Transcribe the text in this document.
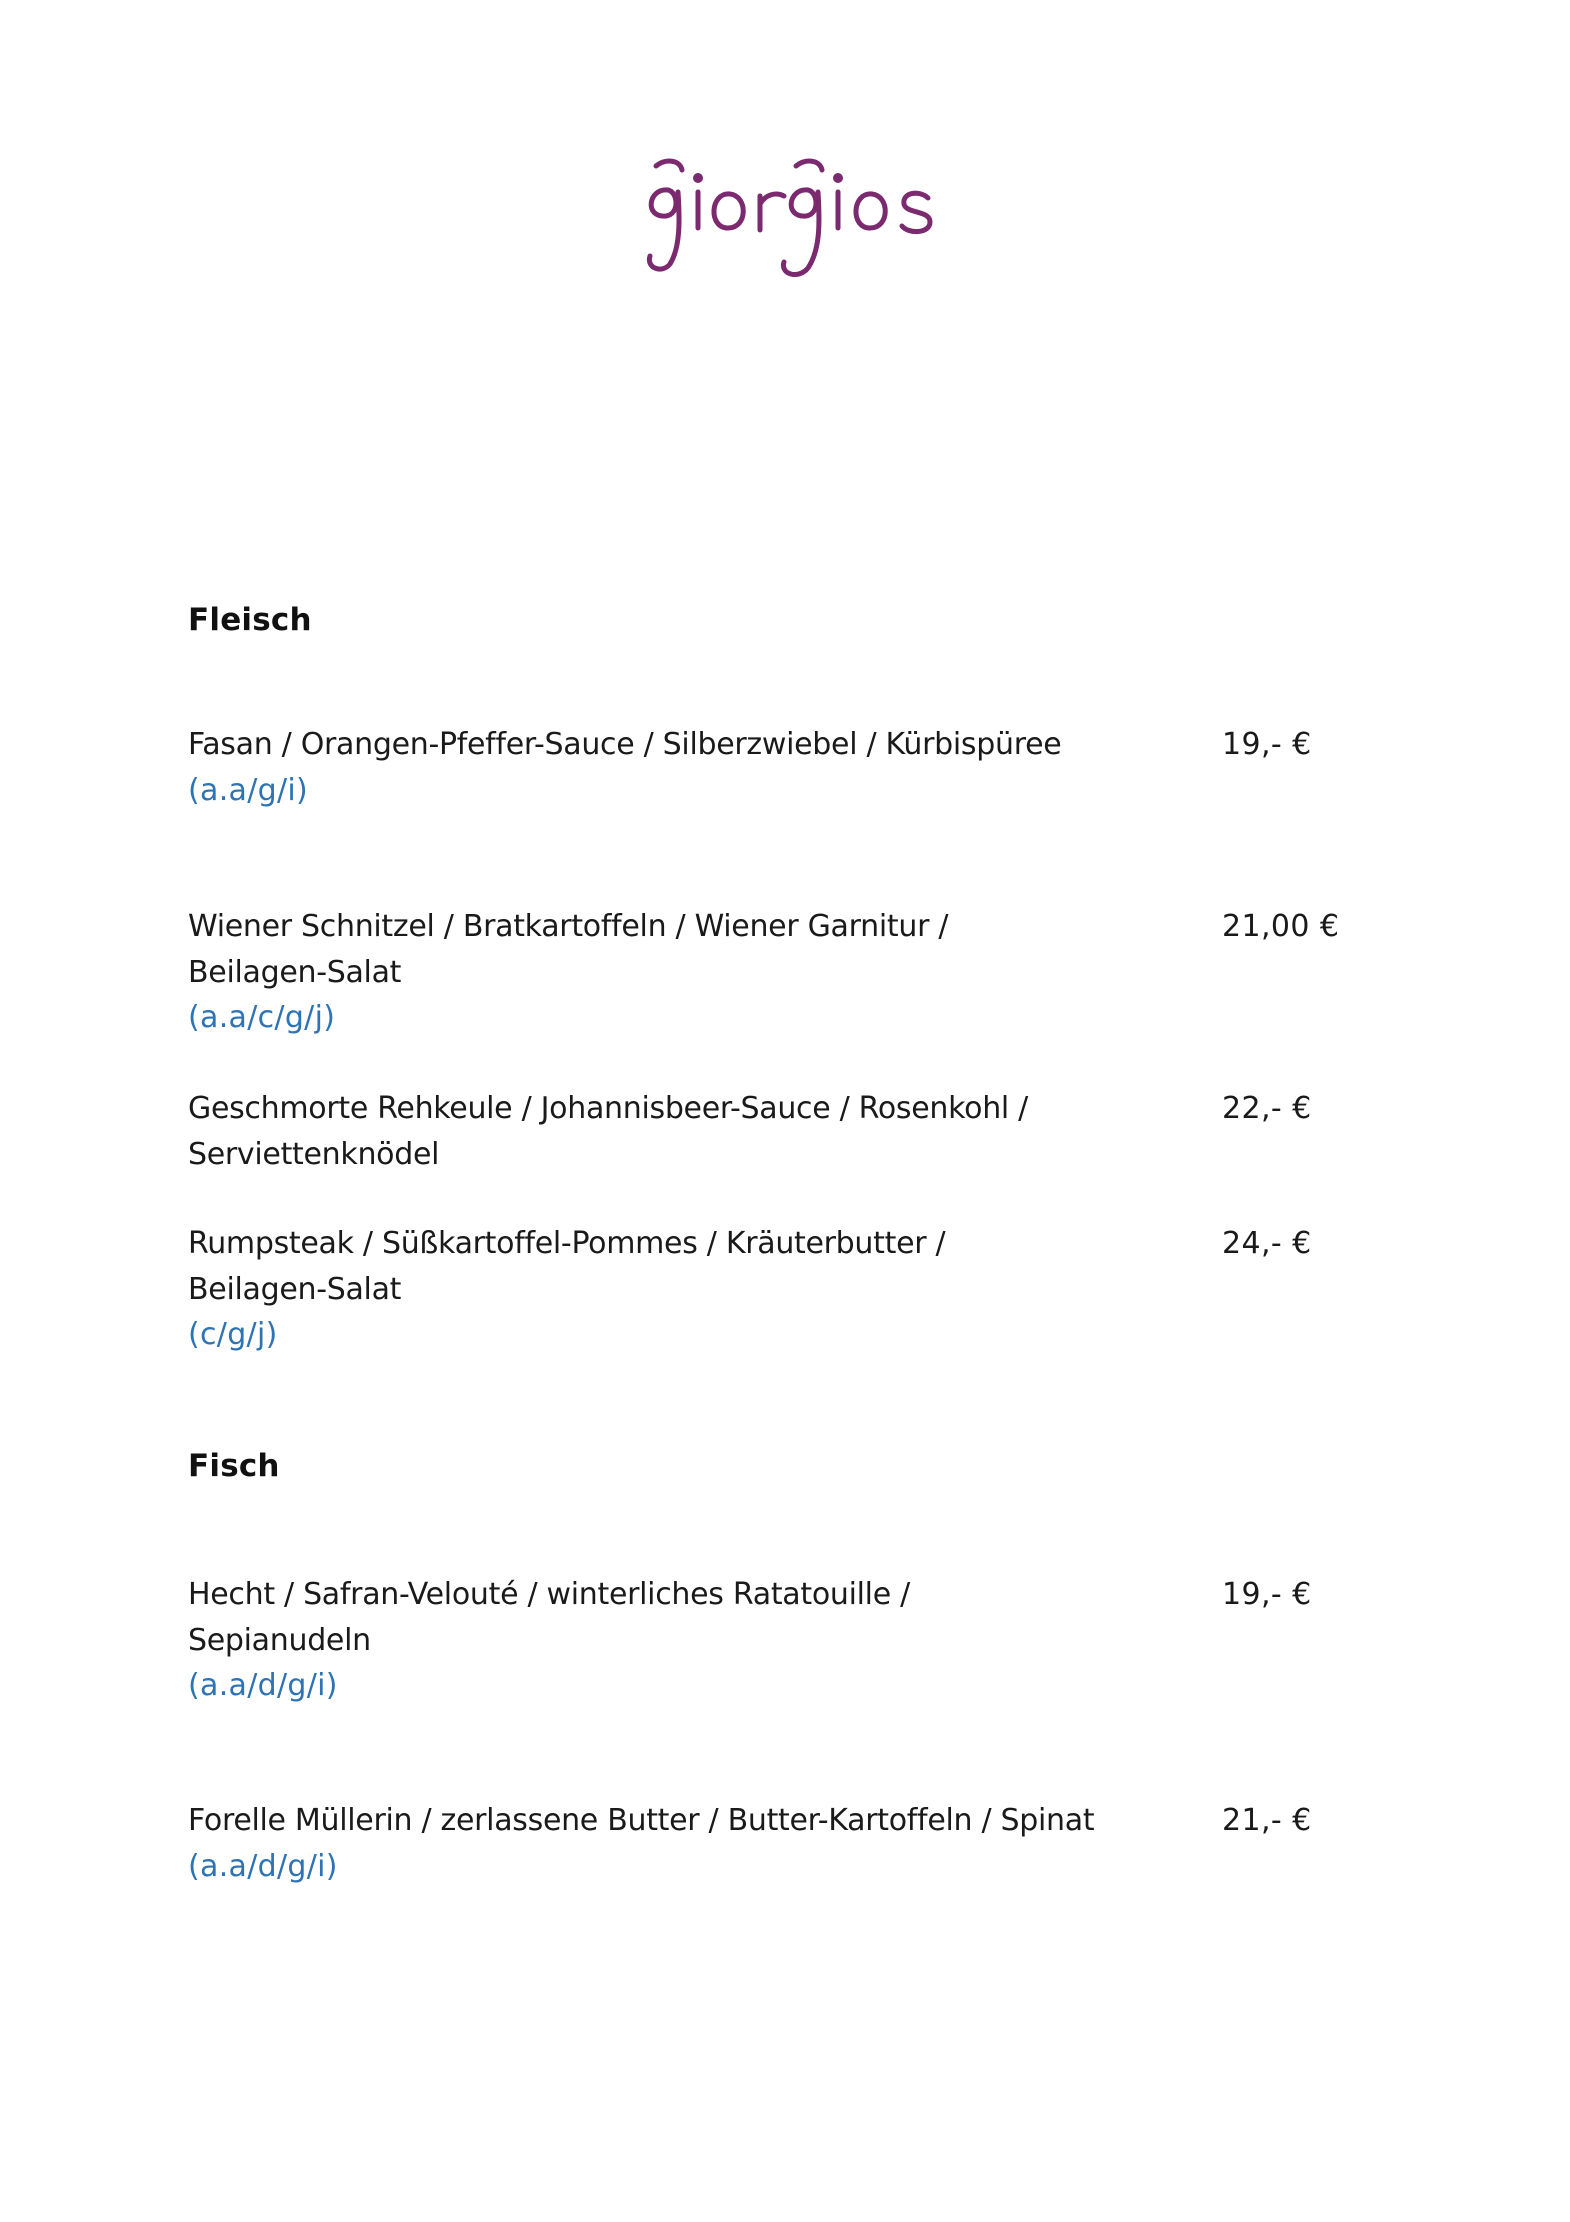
Fleisch
Fasan / Orangen-Pfeffer-Sauce / Silberzwiebel / Kürbispüree
(a.a/g/i)
19,- €
Wiener Schnitzel / Bratkartoffeln / Wiener Garnitur / Beilagen-Salat
(a.a/c/g/j)
21,00 €
Geschmorte Rehkeule / Johannisbeer-Sauce / Rosenkohl / Serviettenknödel
22,- €
Rumpsteak / Süßkartoffel-Pommes / Kräuterbutter / Beilagen-Salat
(c/g/j)
24,- €
Fisch
Hecht / Safran-Velouté / winterliches Ratatouille / Sepianudeln
(a.a/d/g/i)
19,- €
Forelle Müllerin / zerlassene Butter / Butter-Kartoffeln / Spinat
(a.a/d/g/i)
21,- €
